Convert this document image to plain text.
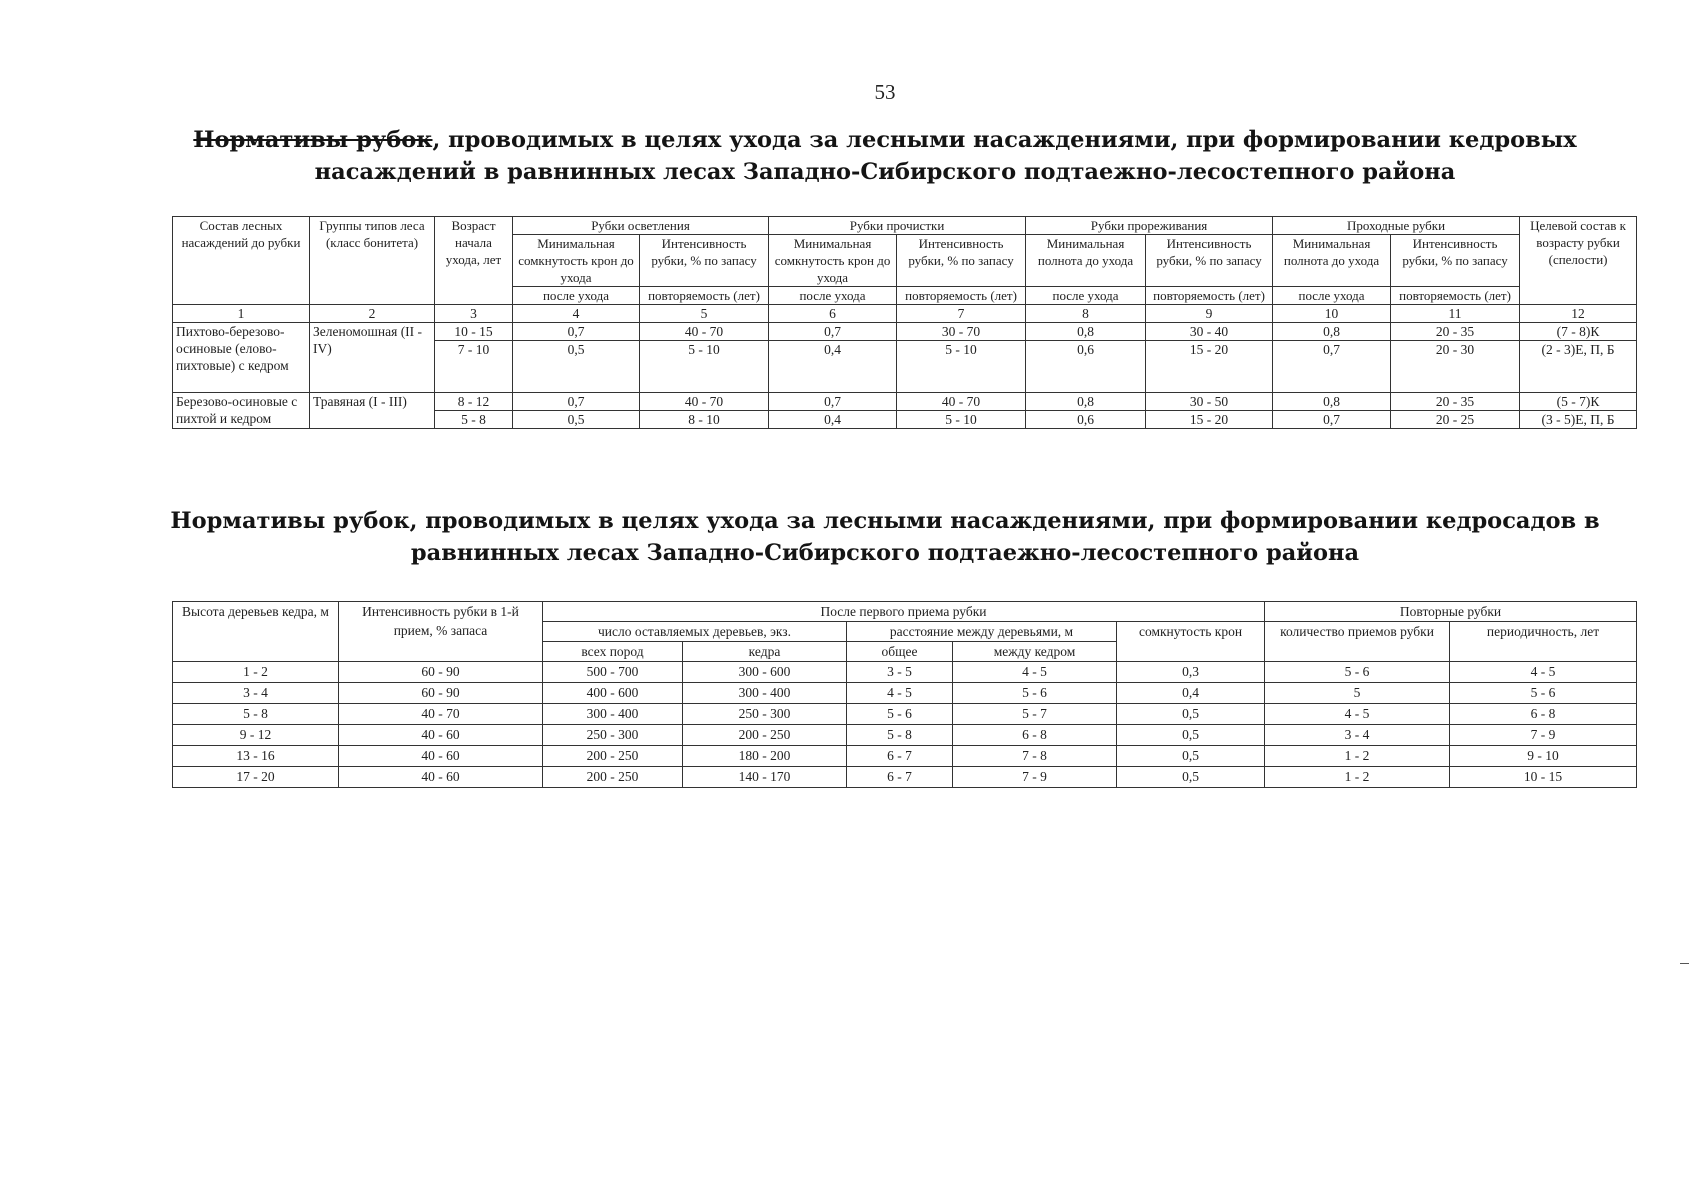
53
Нормативы рубок, проводимых в целях ухода за лесными насаждениями, при формировании кедровых насаждений в равнинных лесах Западно-Сибирского подтаежно-лесостепного района
Состав лесных насаждений до рубки	Группы типов леса (класс бонитета)	Возраст начала ухода, лет	Рубки осветления		Рубки прочистки		Рубки прореживания		Проходные рубки		Целевой состав к возрасту рубки (спелости)
			Минимальная сомкнутость крон до ухода	Интенсивность рубки, % по запасу	Минимальная сомкнутость крон до ухода	Интенсивность рубки, % по запасу	Минимальная полнота до ухода	Интенсивность рубки, % по запасу	Минимальная полнота до ухода	Интенсивность рубки, % по запасу	
			после ухода	повторяемость (лет)	после ухода	повторяемость (лет)	после ухода	повторяемость (лет)	после ухода	повторяемость (лет)	
1	2	3	4	5	6	7	8	9	10	11	12
Пихтово-березово-осиновые (елово-пихтовые) с кедром	Зеленомошная (II - IV)	10 - 15	0,7	40 - 70	0,7	30 - 70	0,8	30 - 40	0,8	20 - 35	(7 - 8)К
		7 - 10	0,5	5 - 10	0,4	5 - 10	0,6	15 - 20	0,7	20 - 30	(2 - 3)Е, П, Б
Березово-осиновые с пихтой и кедром	Травяная (I - III)	8 - 12	0,7	40 - 70	0,7	40 - 70	0,8	30 - 50	0,8	20 - 35	(5 - 7)К
		5 - 8	0,5	8 - 10	0,4	5 - 10	0,6	15 - 20	0,7	20 - 25	(3 - 5)Е, П, Б
Нормативы рубок, проводимых в целях ухода за лесными насаждениями, при формировании кедросадов в равнинных лесах Западно-Сибирского подтаежно-лесостепного района
Высота деревьев кедра, м	Интенсивность рубки в 1-й прием, % запаса	После первого приема рубки					Повторные рубки	
		число оставляемых деревьев, экз.		расстояние между деревьями, м		сомкнутость крон	количество приемов рубки	периодичность, лет
		всех пород	кедра	общее	между кедром			
1 - 2	60 - 90	500 - 700	300 - 600	3 - 5	4 - 5	0,3	5 - 6	4 - 5
3 - 4	60 - 90	400 - 600	300 - 400	4 - 5	5 - 6	0,4	5	5 - 6
5 - 8	40 - 70	300 - 400	250 - 300	5 - 6	5 - 7	0,5	4 - 5	6 - 8
9 - 12	40 - 60	250 - 300	200 - 250	5 - 8	6 - 8	0,5	3 - 4	7 - 9
13 - 16	40 - 60	200 - 250	180 - 200	6 - 7	7 - 8	0,5	1 - 2	9 - 10
17 - 20	40 - 60	200 - 250	140 - 170	6 - 7	7 - 9	0,5	1 - 2	10 - 15
